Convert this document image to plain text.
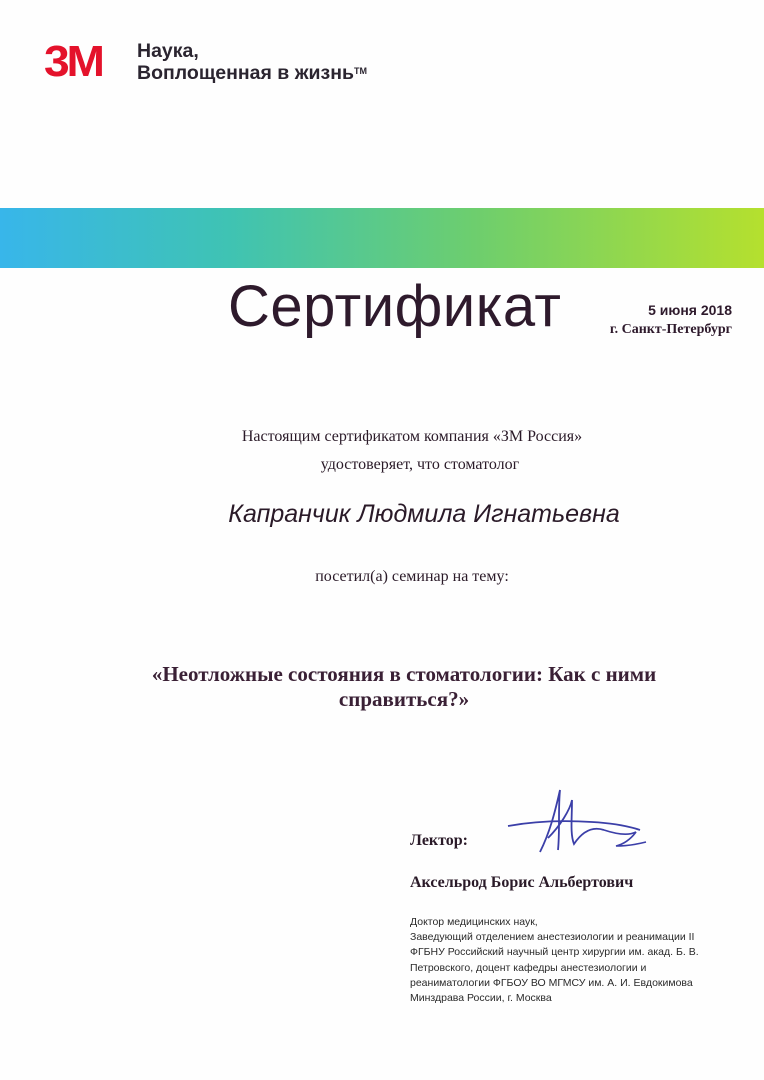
3M Наука,
Воплощенная в жизнь™
Сертификат	5 июня 2018
г. Санкт-Петербург
Настоящим сертификатом компания «ЗМ Россия»
удостоверяет, что стоматолог
Капранчик Людмила Игнатьевна
посетил(а) семинар на тему:
«Неотложные состояния в стоматологии: Как с ними
справиться?»
Лектор:
Аксельрод Борис Альбертович
Доктор медицинских наук,
Заведующий отделением анестезиологии и реанимации II
ФГБНУ Российский научный центр хирургии им. акад. Б. В.
Петровского, доцент кафедры анестезиологии и
реаниматологии ФГБОУ ВО МГМСУ им. А. И. Евдокимова
Минздрава России, г. Москва
